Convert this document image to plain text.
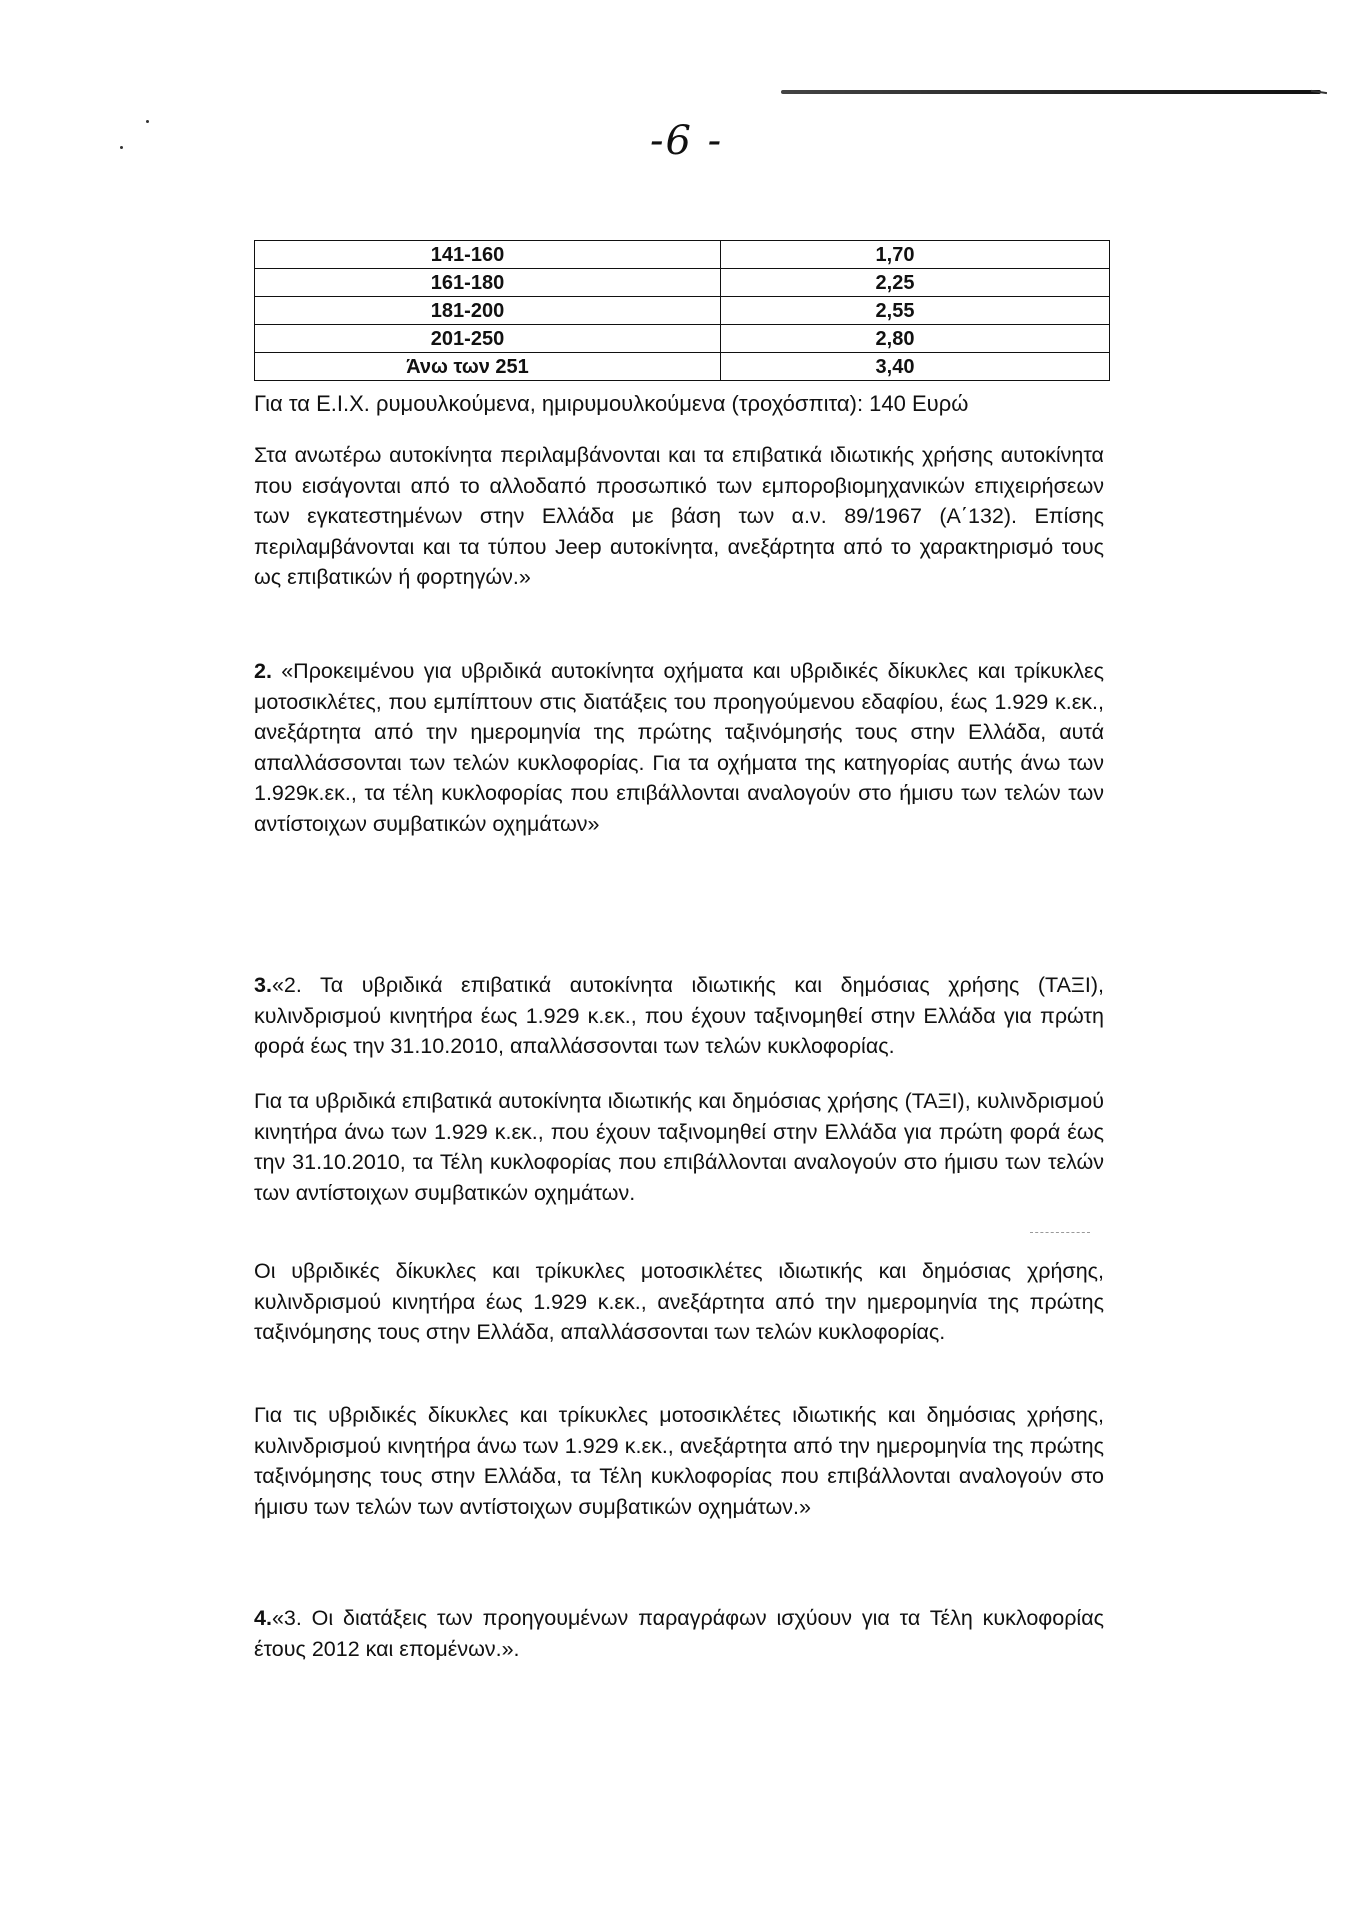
-6 -
141-160	1,70
161-180	2,25
181-200	2,55
201-250	2,80
Άνω των 251	3,40
Για τα Ε.Ι.Χ. ρυμουλκούμενα, ημιρυμουλκούμενα (τροχόσπιτα): 140 Ευρώ
Στα ανωτέρω αυτοκίνητα περιλαμβάνονται και τα επιβατικά ιδιωτικής χρήσης αυτοκίνητα που εισάγονται από το αλλοδαπό προσωπικό των εμποροβιομηχανικών επιχειρήσεων των εγκατεστημένων στην Ελλάδα με βάση των α.ν. 89/1967 (Α΄132). Επίσης περιλαμβάνονται και τα τύπου Jeep αυτοκίνητα, ανεξάρτητα από το χαρακτηρισμό τους ως επιβατικών ή φορτηγών.»
2. «Προκειμένου για υβριδικά αυτοκίνητα οχήματα και υβριδικές δίκυκλες και τρίκυκλες μοτοσικλέτες, που εμπίπτουν στις διατάξεις του προηγούμενου εδαφίου, έως 1.929 κ.εκ., ανεξάρτητα από την ημερομηνία της πρώτης ταξινόμησής τους στην Ελλάδα, αυτά απαλλάσσονται των τελών κυκλοφορίας. Για τα οχήματα της κατηγορίας αυτής άνω των 1.929κ.εκ., τα τέλη κυκλοφορίας που επιβάλλονται αναλογούν στο ήμισυ των τελών των αντίστοιχων συμβατικών οχημάτων»
3.«2. Τα υβριδικά επιβατικά αυτοκίνητα ιδιωτικής και δημόσιας χρήσης (ΤΑΞΙ), κυλινδρισμού κινητήρα έως 1.929 κ.εκ., που έχουν ταξινομηθεί στην Ελλάδα για πρώτη φορά έως την 31.10.2010, απαλλάσσονται των τελών κυκλοφορίας.
Για τα υβριδικά επιβατικά αυτοκίνητα ιδιωτικής και δημόσιας χρήσης (ΤΑΞΙ), κυλινδρισμού κινητήρα άνω των 1.929 κ.εκ., που έχουν ταξινομηθεί στην Ελλάδα για πρώτη φορά έως την 31.10.2010, τα Τέλη κυκλοφορίας που επιβάλλονται αναλογούν στο ήμισυ των τελών των αντίστοιχων συμβατικών οχημάτων.
Οι υβριδικές δίκυκλες και τρίκυκλες μοτοσικλέτες ιδιωτικής και δημόσιας χρήσης, κυλινδρισμού κινητήρα έως 1.929 κ.εκ., ανεξάρτητα από την ημερομηνία της πρώτης ταξινόμησης τους στην Ελλάδα, απαλλάσσονται των τελών κυκλοφορίας.
Για τις υβριδικές δίκυκλες και τρίκυκλες μοτοσικλέτες ιδιωτικής και δημόσιας χρήσης, κυλινδρισμού κινητήρα άνω των 1.929 κ.εκ., ανεξάρτητα από την ημερομηνία της πρώτης ταξινόμησης τους στην Ελλάδα, τα Τέλη κυκλοφορίας που επιβάλλονται αναλογούν στο ήμισυ των τελών των αντίστοιχων συμβατικών οχημάτων.»
4.«3. Οι διατάξεις των προηγουμένων παραγράφων ισχύουν για τα Τέλη κυκλοφορίας έτους 2012 και επομένων.».
